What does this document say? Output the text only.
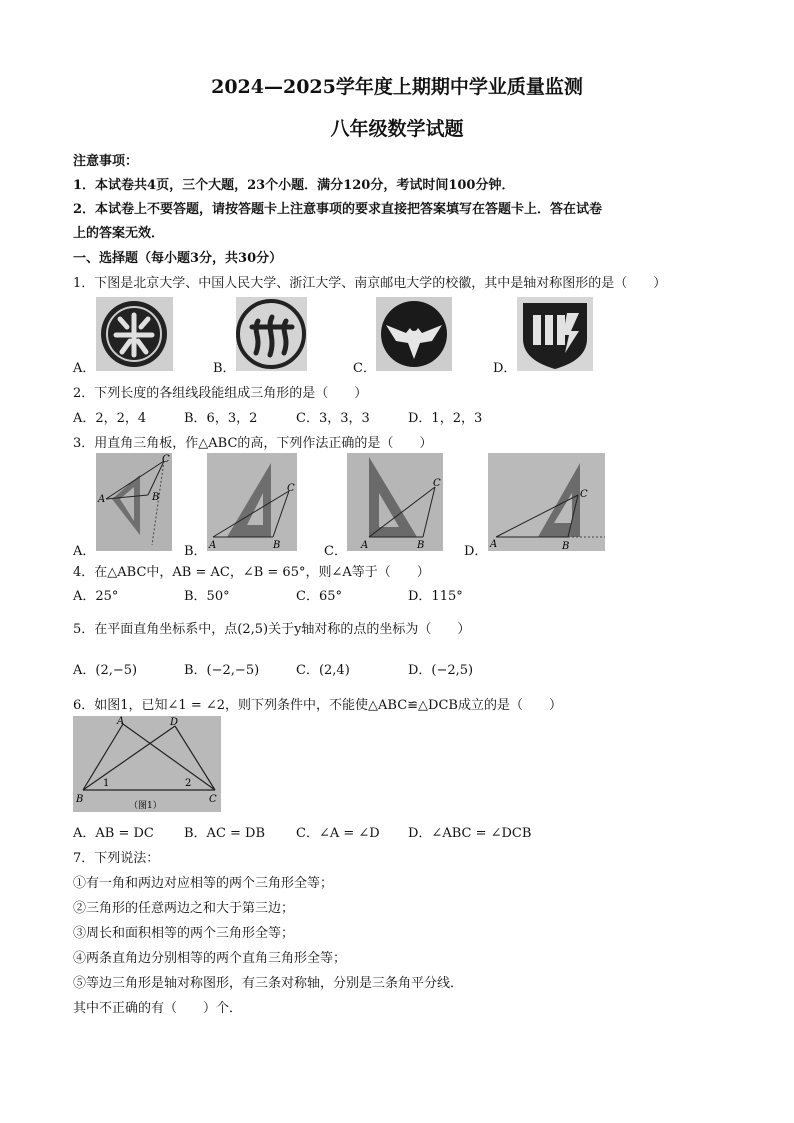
2024—2025学年度上期期中学业质量监测
八年级数学试题
注意事项：
1．本试卷共4页，三个大题，23个小题．满分120分，考试时间100分钟．
2．本试卷上不要答题，请按答题卡上注意事项的要求直接把答案填写在答题卡上．答在试卷
上的答案无效．
一、选择题（每小题3分，共30分）
1．下图是北京大学、中国人民大学、浙江大学、南京邮电大学的校徽，其中是轴对称图形的是（　　）
A．	B．	C．	D．
2．下列长度的各组线段能组成三角形的是（　　）
A．2，2，4	B．6，3，2	C．3，3，3	D．1，2，3
3．用直角三角板，作△ABC的高，下列作法正确的是（　　）
A．	B．	C．	D．
A	B
C
A	B
C
A	B
C
A	B
C
4．在△ABC中，AB = AC，∠B = 65°，则∠A等于（　　）
A．25°	B．50°	C．65°	D．115°
5．在平面直角坐标系中，点(2,5)关于y轴对称的点的坐标为（　　）
A．(2,−5)	B．(−2,−5)	C．(2,4)	D．(−2,5)
6．如图1，已知∠1 = ∠2，则下列条件中，不能使△ABC≌△DCB成立的是（　　）
A	D
B	C
1	2
（图1）
A．AB = DC B．AC = DB C．∠A = ∠D D．∠ABC = ∠DCB
7．下列说法：
①有一角和两边对应相等的两个三角形全等；
②三角形的任意两边之和大于第三边；
③周长和面积相等的两个三角形全等；
④两条直角边分别相等的两个直角三角形全等；
⑤等边三角形是轴对称图形，有三条对称轴，分别是三条角平分线．
其中不正确的有（　　）个．
